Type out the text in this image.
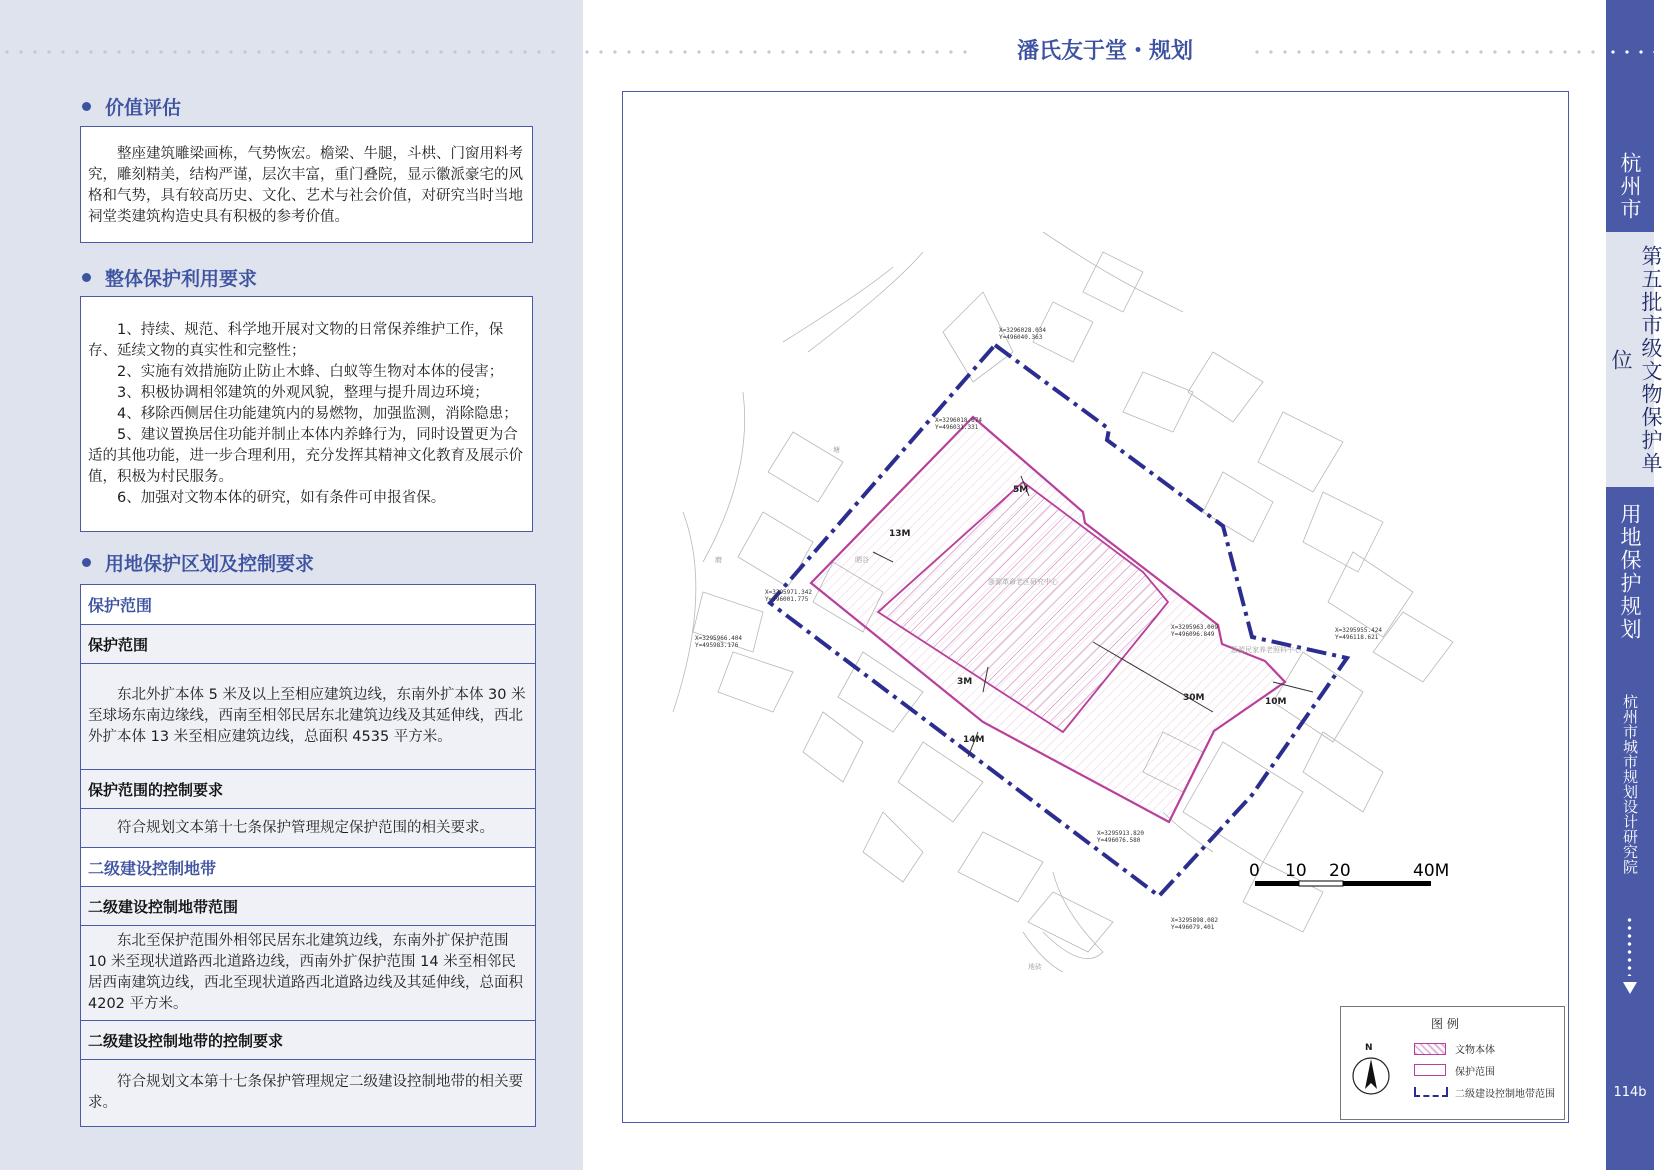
潘氏友于堂・规划
价值评估

整座建筑雕梁画栋，气势恢宏。檐梁、牛腿，斗栱、门窗用料考究，雕刻精美，结构严谨，层次丰富，重门叠院，显示徽派豪宅的风格和气势，具有较高历史、文化、艺术与社会价值，对研究当时当地祠堂类建筑构造史具有积极的参考价值。

整体保护利用要求

1、持续、规范、科学地开展对文物的日常保养维护工作，保存、延续文物的真实性和完整性；

2、实施有效措施防止防止木蜂、白蚁等生物对本体的侵害；

3、积极协调相邻建筑的外观风貌，整理与提升周边环境；

4、移除西侧居住功能建筑内的易燃物，加强监测，消除隐患；

5、建议置换居住功能并制止本体内养蜂行为，同时设置更为合适的其他功能，进一步合理利用，充分发挥其精神文化教育及展示价值，积极为村民服务。

6、加强对文物本体的研究，如有条件可申报省保。

用地保护区划及控制要求
保护范围
保护范围
东北外扩本体 5 米及以上至相应建筑边线，东南外扩本体 30 米至球场东南边缘线，西南至相邻民居东北建筑边线及其延伸线，西北外扩本体 13 米至相应建筑边线，总面积 4535 平方米。
保护范围的控制要求
符合规划文本第十七条保护管理规定保护范围的相关要求。
二级建设控制地带
二级建设控制地带范围
东北至保护范围外相邻民居东北建筑边线，东南外扩保护范围 10 米至现状道路西北道路边线，西南外扩保护范围 14 米至相邻民居西南建筑边线，西北至现状道路西北道路边线及其延伸线，总面积 4202 平方米。
二级建设控制地带的控制要求
符合规划文本第十七条保护管理规定二级建设控制地带的相关要求。
5M
13M
3M
14M
30M	10M
X=3296028.034 Y=496040.363
X=3296018.874 Y=496031.331
X=3295971.342 Y=496001.775
X=3295966.404 Y=495983.176
X=3295963.009 Y=496096.849
X=3295955.424 Y=496118.621
X=3295913.820 Y=496076.580
X=3295898.082 Y=496079.401
浙源革命老区研究中心
浙源民家养老照料中心
塘
磨	晒谷
地砖
0 10 20	40M
图 例
N	文物本体
保护范围
二级建设控制地带范围
杭州市
第五批市级文物保护单位
用地保护规划
杭州市城市规划设计研究院
114b
